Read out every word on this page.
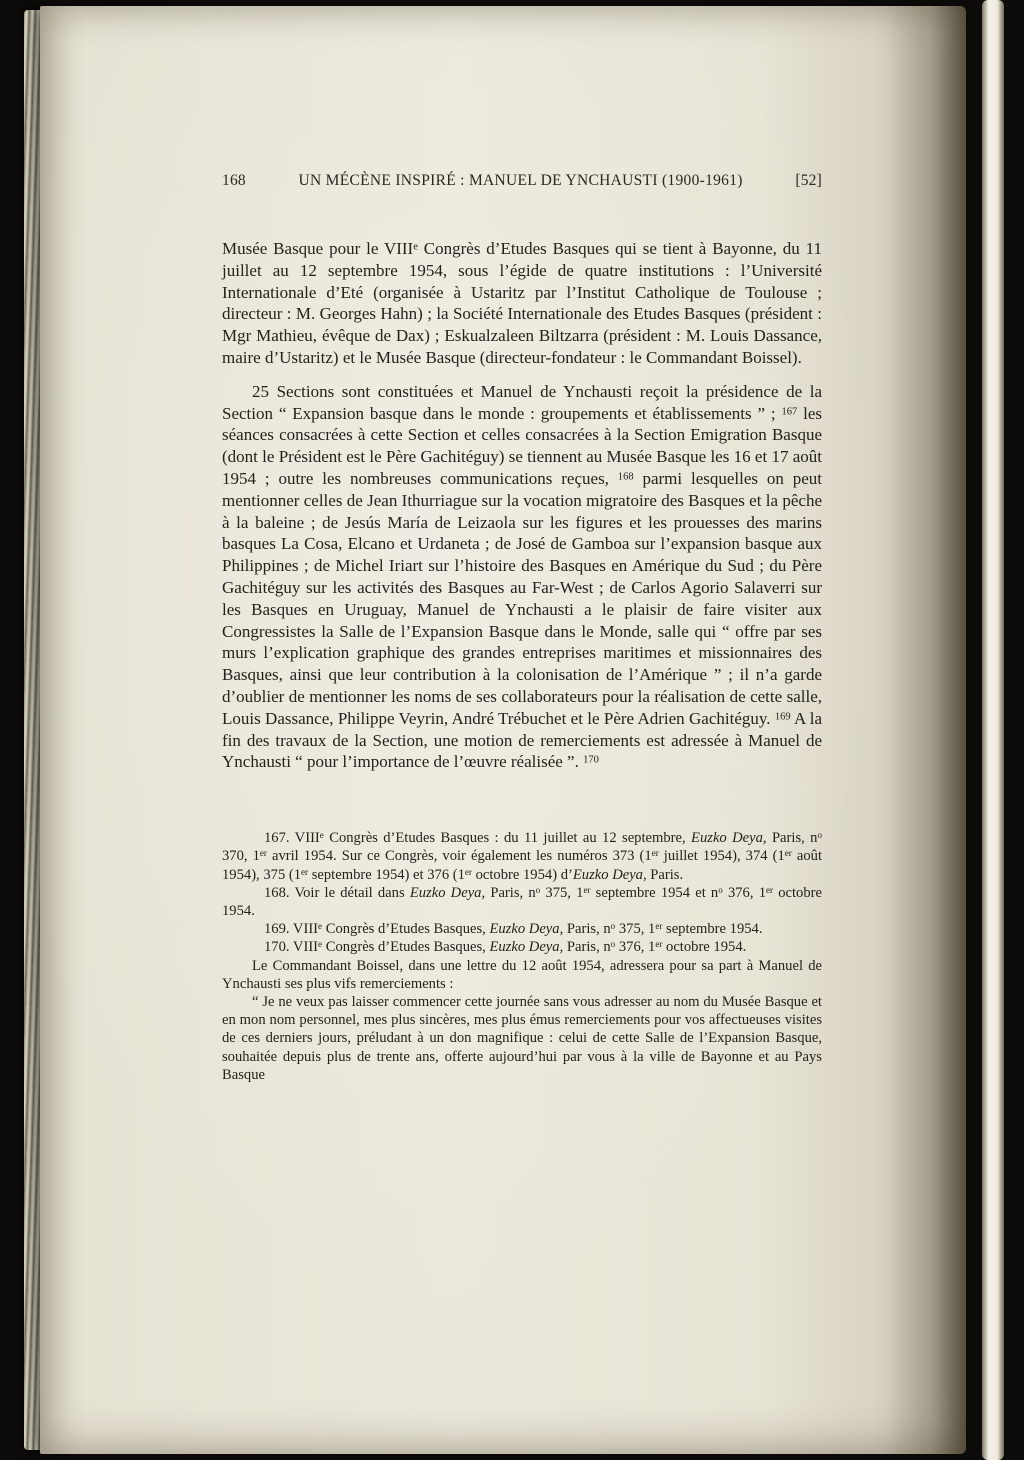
168	UN MÉCÈNE INSPIRÉ : MANUEL DE YNCHAUSTI (1900-1961)	[52]

Musée Basque pour le VIIIe Congrès d’Etudes Basques qui se tient à Bayonne, du 11 juillet au 12 septembre 1954, sous l’égide de quatre institutions : l’Université Internationale d’Eté (organisée à Ustaritz par l’Institut Catholique de Toulouse ; directeur : M. Georges Hahn) ; la Société Internationale des Etudes Basques (président : Mgr Mathieu, évêque de Dax) ; Eskualzaleen Biltzarra (président : M. Louis Dassance, maire d’Ustaritz) et le Musée Basque (directeur-fondateur : le Commandant Boissel).

25 Sections sont constituées et Manuel de Ynchausti reçoit la présidence de la Section “ Expansion basque dans le monde : groupements et établissements ” ; $^{167}$ les séances consacrées à cette Section et celles consacrées à la Section Emigration Basque (dont le Président est le Père Gachitéguy) se tiennent au Musée Basque les 16 et 17 août 1954 ; outre les nombreuses communications reçues, $^{168}$ parmi lesquelles on peut mentionner celles de Jean Ithurriague sur la vocation migratoire des Basques et la pêche à la baleine ; de Jesús María de Leizaola sur les figures et les prouesses des marins basques La Cosa, Elcano et Urdaneta ; de José de Gamboa sur l’expansion basque aux Philippines ; de Michel Iriart sur l’histoire des Basques en Amérique du Sud ; du Père Gachitéguy sur les activités des Basques au Far-West ; de Carlos Agorio Salaverri sur les Basques en Uruguay, Manuel de Ynchausti a le plaisir de faire visiter aux Congressistes la Salle de l’Expansion Basque dans le Monde, salle qui “ offre par ses murs l’explication graphique des grandes entreprises maritimes et missionnaires des Basques, ainsi que leur contribution à la colonisation de l’Amérique ” ; il n’a garde d’oublier de mentionner les noms de ses collaborateurs pour la réalisation de cette salle, Louis Dassance, Philippe Veyrin, André Trébuchet et le Père Adrien Gachitéguy. $^{169}$ A la fin des travaux de la Section, une motion de remerciements est adressée à Manuel de Ynchausti “ pour l’importance de l’œuvre réalisée ”. $^{170}$

167. VIIIe Congrès d’Etudes Basques : du 11 juillet au 12 septembre, Euzko Deya, Paris, $n^o$ 370, 1er avril 1954. Sur ce Congrès, voir également les numéros 373 (1er juillet 1954), 374 (1er août 1954), 375 (1er septembre 1954) et 376 (1er octobre 1954) d’Euzko Deya, Paris.

168. Voir le détail dans Euzko Deya, Paris, $n^o$ 375, 1er septembre 1954 et $n^o$ 376, 1er octobre 1954.

169. VIIIe Congrès d’Etudes Basques, Euzko Deya, Paris, $n^o$ 375, 1er septembre 1954.

170. VIIIe Congrès d’Etudes Basques, Euzko Deya, Paris, $n^o$ 376, 1er octobre 1954.

Le Commandant Boissel, dans une lettre du 12 août 1954, adressera pour sa part à Manuel de Ynchausti ses plus vifs remerciements :

“ Je ne veux pas laisser commencer cette journée sans vous adresser au nom du Musée Basque et en mon nom personnel, mes plus sincères, mes plus émus remerciements pour vos affectueuses visites de ces derniers jours, préludant à un don magnifique : celui de cette Salle de l’Expansion Basque, souhaitée depuis plus de trente ans, offerte aujourd’hui par vous à la ville de Bayonne et au Pays Basque
